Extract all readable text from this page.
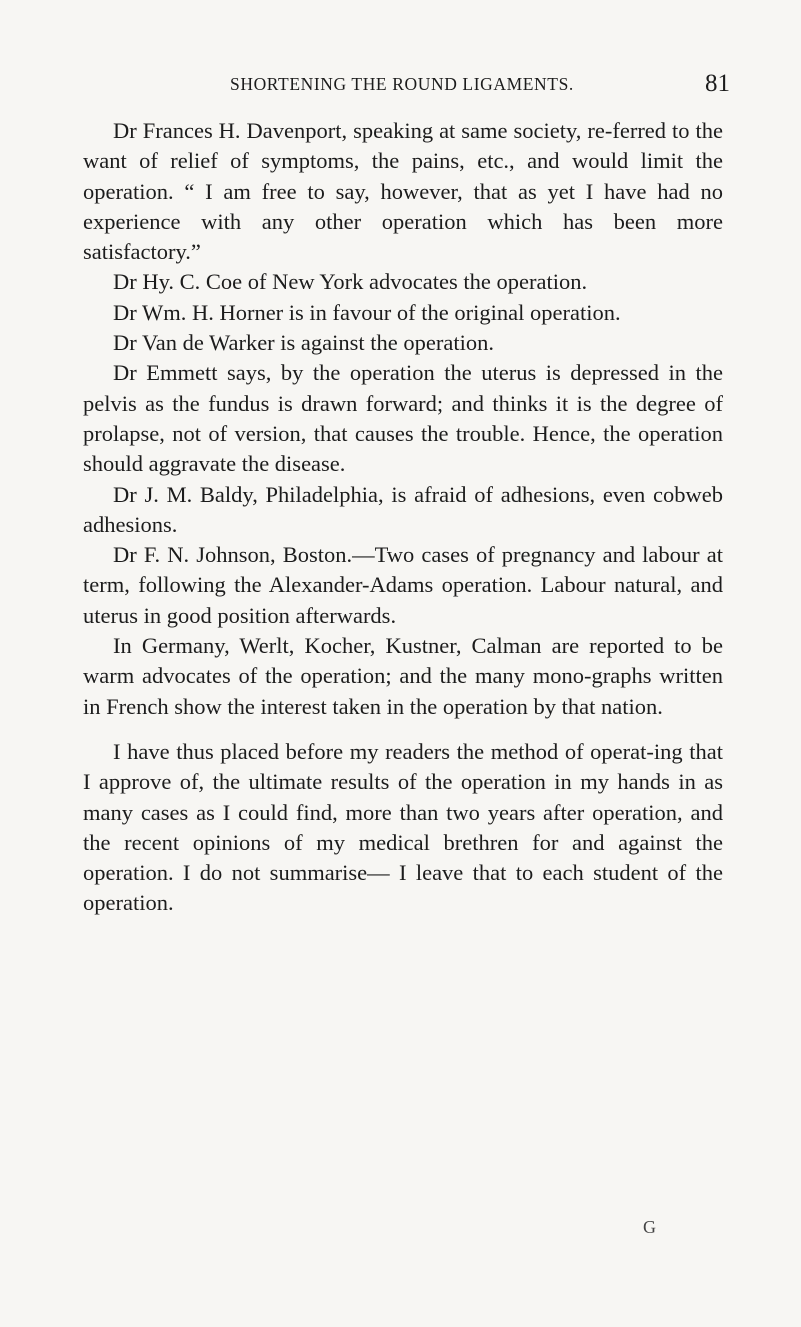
SHORTENING THE ROUND LIGAMENTS.	81

Dr Frances H. Davenport, speaking at same society, re-ferred to the want of relief of symptoms, the pains, etc., and would limit the operation. “ I am free to say, however, that as yet I have had no experience with any other operation which has been more satisfactory.”

Dr Hy. C. Coe of New York advocates the operation.

Dr Wm. H. Horner is in favour of the original operation.

Dr Van de Warker is against the operation.

Dr Emmett says, by the operation the uterus is depressed in the pelvis as the fundus is drawn forward; and thinks it is the degree of prolapse, not of version, that causes the trouble. Hence, the operation should aggravate the disease.

Dr J. M. Baldy, Philadelphia, is afraid of adhesions, even cobweb adhesions.

Dr F. N. Johnson, Boston.—Two cases of pregnancy and labour at term, following the Alexander-Adams operation. Labour natural, and uterus in good position afterwards.

In Germany, Werlt, Kocher, Kustner, Calman are reported to be warm advocates of the operation; and the many mono-graphs written in French show the interest taken in the operation by that nation.

I have thus placed before my readers the method of operat-ing that I approve of, the ultimate results of the operation in my hands in as many cases as I could find, more than two years after operation, and the recent opinions of my medical brethren for and against the operation. I do not summarise— I leave that to each student of the operation.

G
